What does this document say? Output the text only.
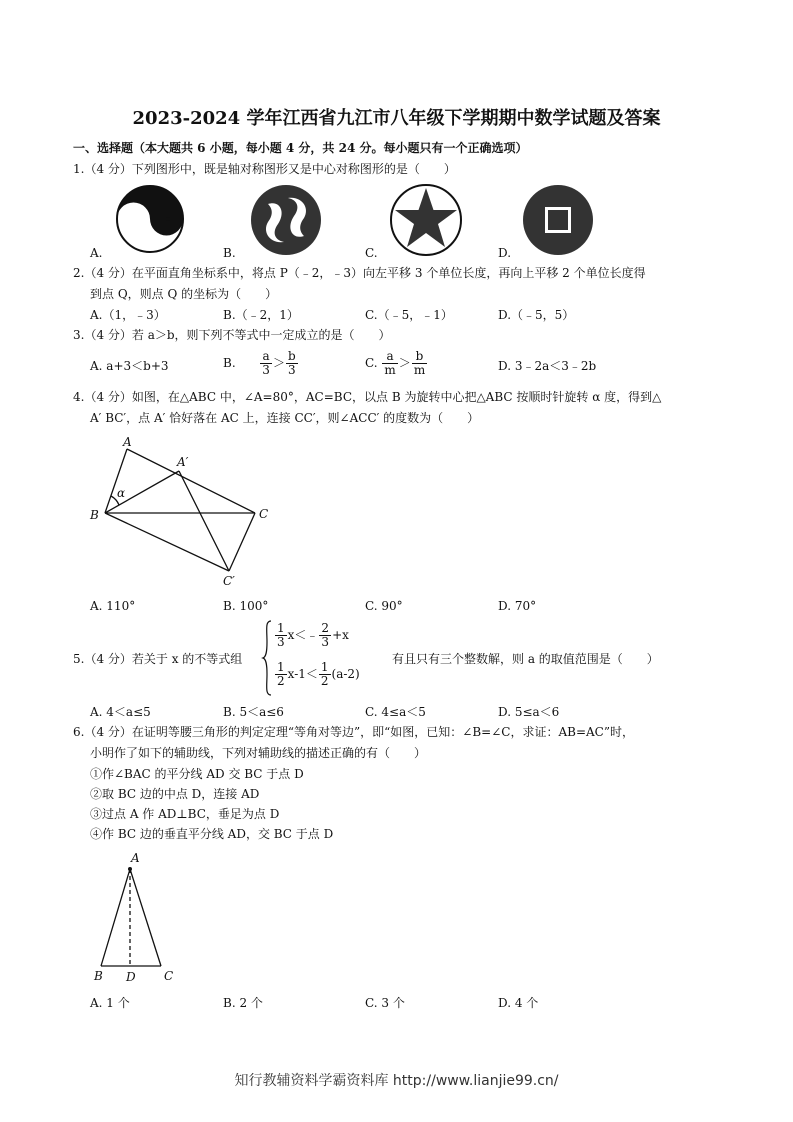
2023-2024 学年江西省九江市八年级下学期期中数学试题及答案
一、选择题（本大题共 6 小题，每小题 4 分，共 24 分。每小题只有一个正确选项）
1.（4 分）下列图形中，既是轴对称图形又是中心对称图形的是（　　）
A.	B.	C.	D.
2.（4 分）在平面直角坐标系中，将点 P（﹣2，﹣3）向左平移 3 个单位长度，再向上平移 2 个单位长度得
到点 Q，则点 Q 的坐标为（　　）
A.（1，﹣3）	B.（﹣2，1）	C.（﹣5，﹣1）	D.（﹣5，5）
3.（4 分）若 a＞b，则下列不等式中一定成立的是（　　）
A. a+3＜b+3	B. $\frac{a}{3} > \frac{b}{3}$	C. $\frac{a}{m} > \frac{b}{m}$	D. 3﹣2a＜3﹣2b
4.（4 分）如图，在△ABC 中，∠A=80°，AC=BC，以点 B 为旋转中心把△ABC 按顺时针旋转 α 度，得到△
A′ BC′，点 A′ 恰好落在 AC 上，连接 CC′，则∠ACC′ 的度数为（　　）
A
A′
B	C
C′
α
A. 110°	B. 100°	C. 90°	D. 70°
5.（4 分）若关于 x 的不等式组
$\frac{1}{3}$ x＜﹣ $\frac{2}{3} +x$
$\frac{1}{2} x-1< \frac{1}{2} (a-2)$
有且只有三个整数解，则 a 的取值范围是（　　）
A. 4＜a≤5	B. 5＜a≤6	C. 4≤a＜5	D. 5≤a＜6
6.（4 分）在证明等腰三角形的判定定理“等角对等边”，即“如图，已知：∠B=∠C，求证：AB=AC”时，
小明作了如下的辅助线，下列对辅助线的描述正确的有（　　）
①作∠BAC 的平分线 AD 交 BC 于点 D
②取 BC 边的中点 D，连接 AD
③过点 A 作 AD⊥BC，垂足为点 D
④作 BC 边的垂直平分线 AD，交 BC 于点 D
A
B D C
A. 1 个	B. 2 个	C. 3 个	D. 4 个
知行教辅资料学霸资料库 http://www.lianjie99.cn/
